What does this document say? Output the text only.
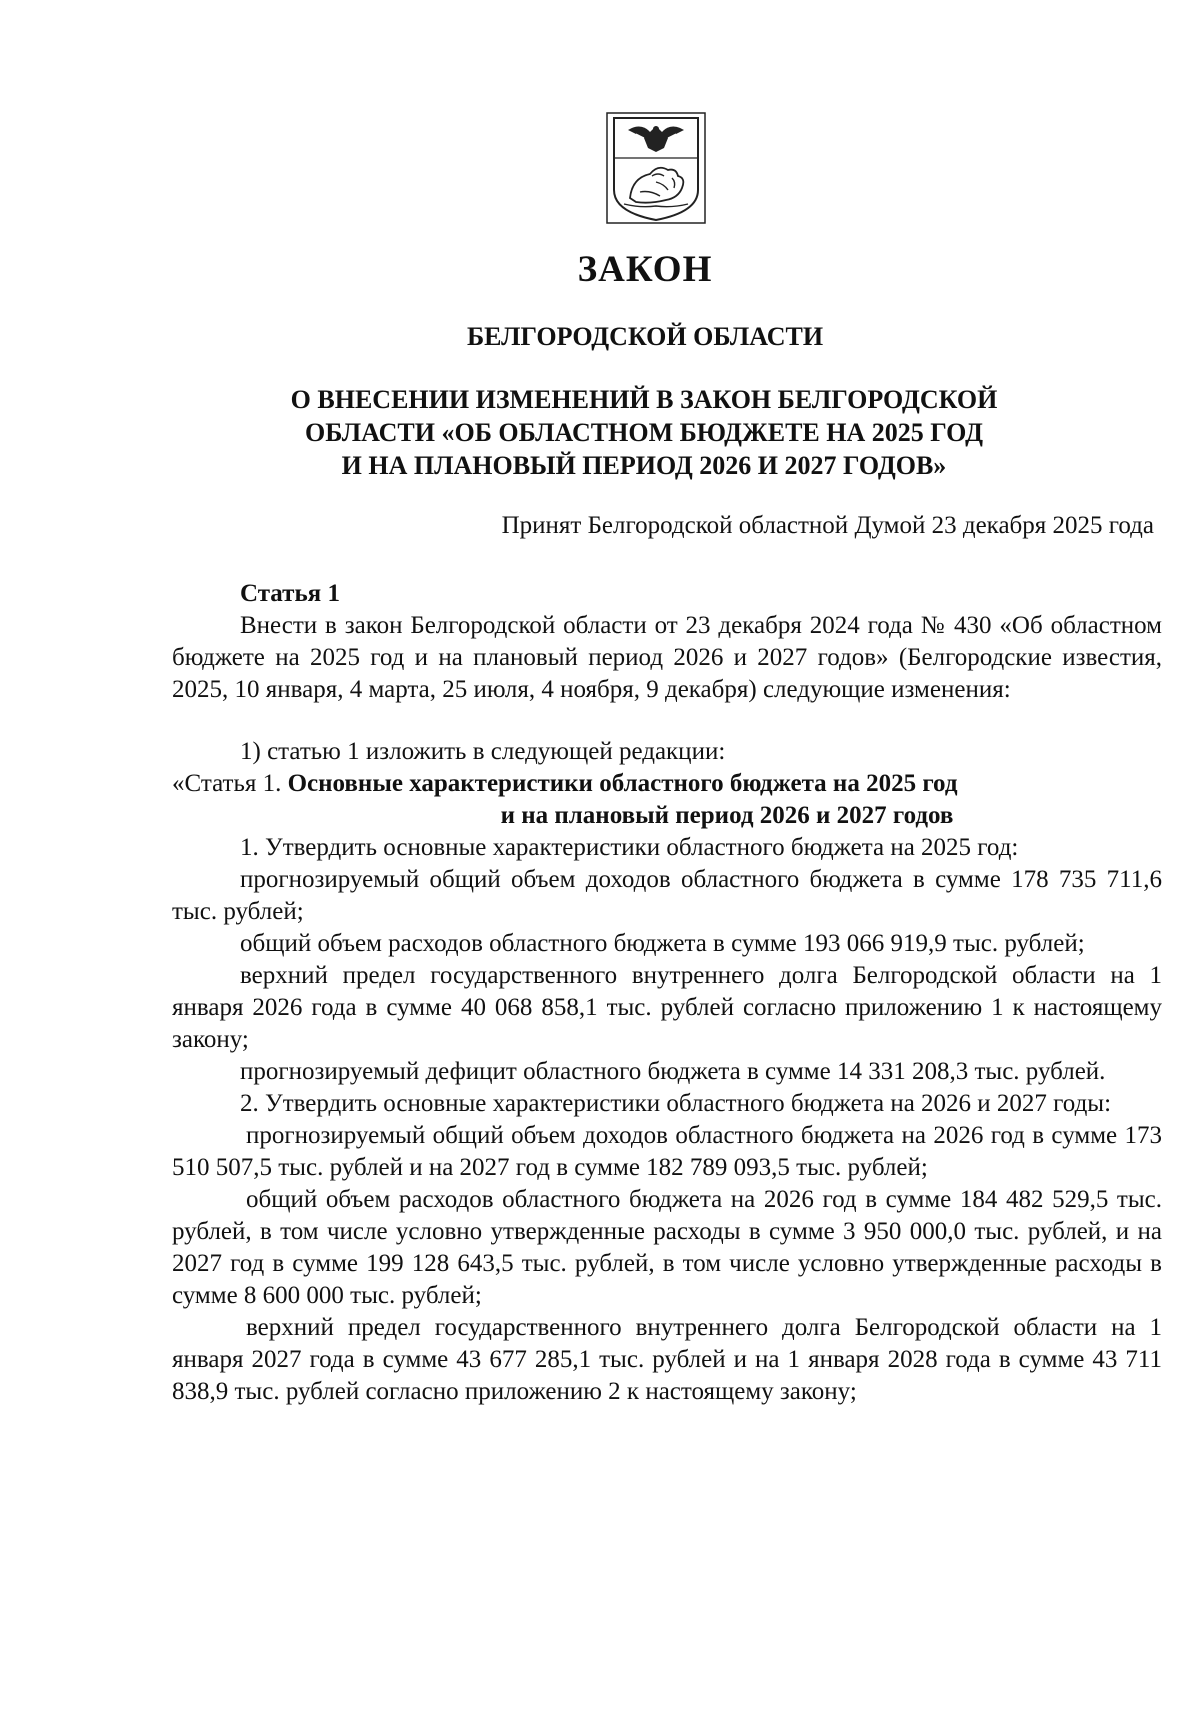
ЗАКОН
БЕЛГОРОДСКОЙ ОБЛАСТИ
О ВНЕСЕНИИ ИЗМЕНЕНИЙ В ЗАКОН БЕЛГОРОДСКОЙ
ОБЛАСТИ «ОБ ОБЛАСТНОМ БЮДЖЕТЕ НА 2025 ГОД
И НА ПЛАНОВЫЙ ПЕРИОД 2026 И 2027 ГОДОВ»
Принят Белгородской областной Думой 23 декабря 2025 года

Статья 1

Внести в закон Белгородской области от 23 декабря 2024 года № 430 «Об областном бюджете на 2025 год и на плановый период 2026 и 2027 годов» (Белгородские известия, 2025, 10 января, 4 марта, 25 июля, 4 ноября, 9 декабря) следующие изменения:

1) статью 1 изложить в следующей редакции:

«Статья 1. Основные характеристики областного бюджета на 2025 год

и на плановый период 2026 и 2027 годов

1. Утвердить основные характеристики областного бюджета на 2025 год:

прогнозируемый общий объем доходов областного бюджета в сумме 178 735 711,6 тыс. рублей;

общий объем расходов областного бюджета в сумме 193 066 919,9 тыс. рублей;

верхний предел государственного внутреннего долга Белгородской области на 1 января 2026 года в сумме 40 068 858,1 тыс. рублей согласно приложению 1 к настоящему закону;

прогнозируемый дефицит областного бюджета в сумме 14 331 208,3 тыс. рублей.

2. Утвердить основные характеристики областного бюджета на 2026 и 2027 годы:

прогнозируемый общий объем доходов областного бюджета на 2026 год в сумме 173 510 507,5 тыс. рублей и на 2027 год в сумме 182 789 093,5 тыс. рублей;

общий объем расходов областного бюджета на 2026 год в сумме 184 482 529,5 тыс. рублей, в том числе условно утвержденные расходы в сумме 3 950 000,0 тыс. рублей, и на 2027 год в сумме 199 128 643,5 тыс. рублей, в том числе условно утвержденные расходы в сумме 8 600 000 тыс. рублей;

верхний предел государственного внутреннего долга Белгородской области на 1 января 2027 года в сумме 43 677 285,1 тыс. рублей и на 1 января 2028 года в сумме 43 711 838,9 тыс. рублей согласно приложению 2 к настоящему закону;
